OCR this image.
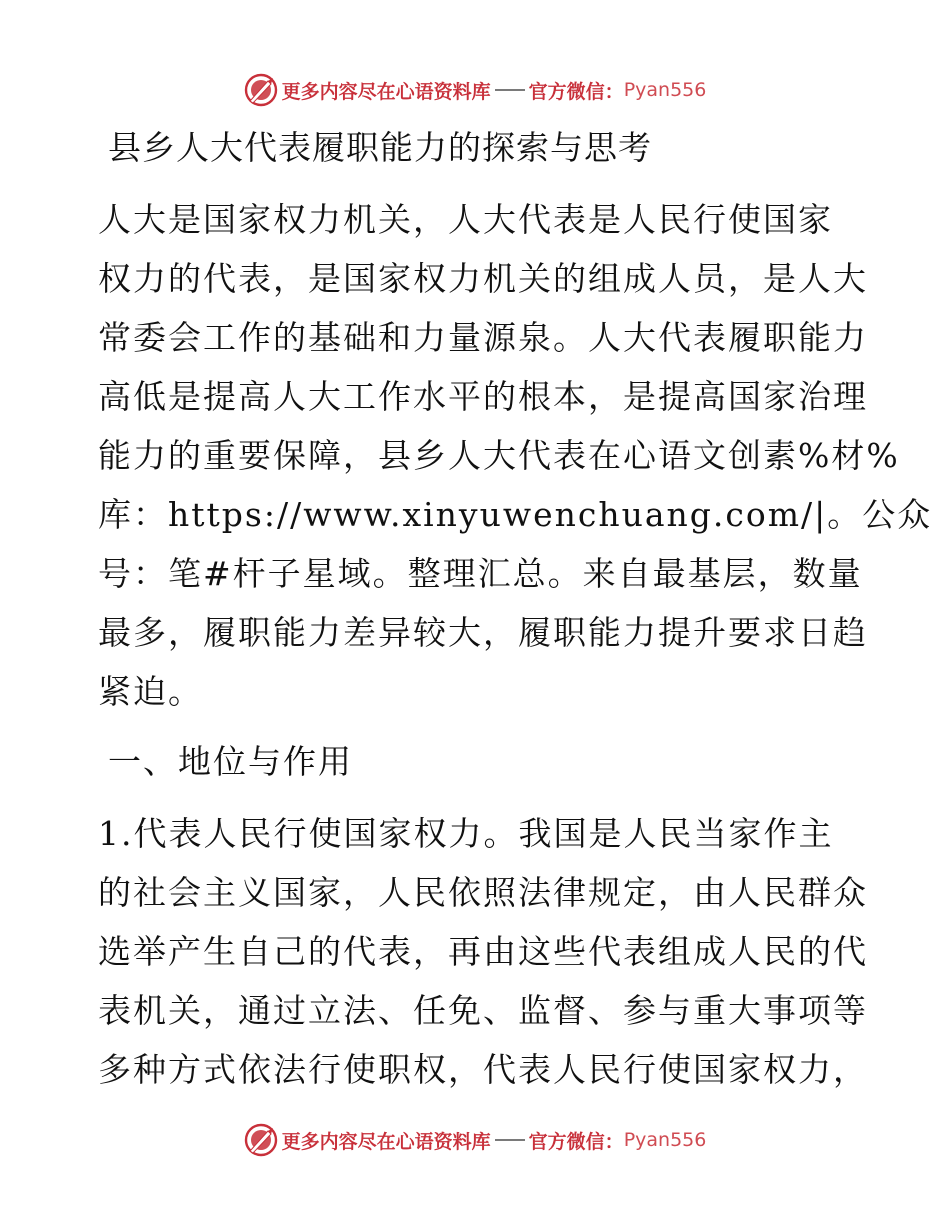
更多内容尽在心语资料库 官方微信： Pyan556
县乡人大代表履职能力的探索与思考
人大是国家权力机关，人大代表是人民行使国家
权力的代表，是国家权力机关的组成人员，是人大
常委会工作的基础和力量源泉。人大代表履职能力
高低是提高人大工作水平的根本，是提高国家治理
能力的重要保障，县乡人大代表在心语文创素%材%
库：https://www.xinyuwenchuang.com/|。公众
号：笔#杆子星域。整理汇总。来自最基层，数量
最多，履职能力差异较大，履职能力提升要求日趋
紧迫。
一、地位与作用
1.代表人民行使国家权力。我国是人民当家作主
的社会主义国家，人民依照法律规定，由人民群众
选举产生自己的代表，再由这些代表组成人民的代
表机关，通过立法、任免、监督、参与重大事项等
多种方式依法行使职权，代表人民行使国家权力，
更多内容尽在心语资料库 官方微信： Pyan556
